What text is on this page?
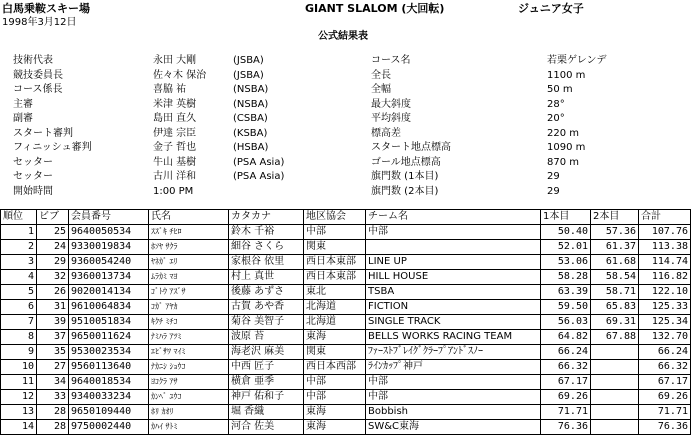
白馬乗鞍スキー場	GIANT SLALOM (大回転)	ジュニア女子
1998年3月12日
公式結果表
技術代表	永田 大剛	(JSBA)	コース名	若栗ゲレンデ
競技委員長	佐々木 保治	(JSBA)	全長	1100 m
コース係長	喜脇 祐	(NSBA)	全幅	50 m
主審	米津 英樹	(NSBA)	最大斜度	28°
副審	島田 直久	(CSBA)	平均斜度	20°
スタート審判	伊達 宗臣	(KSBA)	標高差	220 m
フィニッシュ審判	金子 哲也	(HSBA)	スタート地点標高	1090 m
セッター	牛山 基樹	(PSA Asia)	ゴール地点標高	870 m
セッター	古川 洋和	(PSA Asia)	旗門数 (1本目)	29
開始時間	1:00 PM	旗門数 (2本目)	29
順位	ビブ	会員番号	氏名	カタカナ	地区協会	チーム名	1本目	2本目	合計
1	25	9640050534	ｽｽﾞｷ ﾁﾋﾛ	鈴木 千裕	中部	中部	50.40	57.36	107.76
2	24	9330019834	ﾎｿﾔ ｻｸﾗ	細谷 さくら	関東		52.01	61.37	113.38
3	29	9360054240	ﾔﾈｶﾞ ｴﾘ	家根谷 依里	西日本東部	LINE UP	53.06	61.68	114.74
4	32	9360013734	ﾑﾗｶﾐ ﾏﾖ	村上 真世	西日本東部	HILL HOUSE	58.28	58.54	116.82
5	26	9020014134	ｺﾞﾄｳ ｱｽﾞｻ	後藤 あずさ	東北	TSBA	63.39	58.71	122.10
6	31	9610064834	ｺｶﾞ ｱﾔｶ	古賀 あや香	北海道	FICTION	59.50	65.83	125.33
7	39	9510051834	ｷｸﾁ ﾐﾁｺ	菊谷 美智子	北海道	SINGLE TRACK	56.03	69.31	125.34
8	37	9650011624	ﾅﾐﾊﾗ ｱﾂﾐ	波原 苔	東海	BELLS WORKS RACING TEAM	64.82	67.88	132.70
9	35	9530023534	ｴﾋﾞｻﾜ ﾏｲﾐ	海老沢 麻美	関東	ﾌｧｰｽﾄﾌﾞﾚｲｸﾞｸﾗｰﾌﾟｱﾝﾄﾞｽﾉｰ	66.24		66.24
10	27	9560113640	ﾅｶﾆｼ ｼｮｳｺ	中西 匠子	西日本西部	ﾗｲﾝｶｯﾌﾟ神戸	66.32		66.32
11	34	9640018534	ﾖｺｸﾗ ｱｻ	横倉 亜季	中部	中部	67.17		67.17
12	33	9340033234	ｶﾝﾍﾞ ﾕｳｺ	神戸 佑和子	中部	中部	69.26		69.26
13	28	9650109440	ﾎﾘ ｶｵﾘ	堀 香織	東海	Bobbish	71.71		71.71
14	28	9750002440	ｶﾊｲ ｻﾄﾐ	河合 佐美	東海	SW&C東海	76.36		76.36
